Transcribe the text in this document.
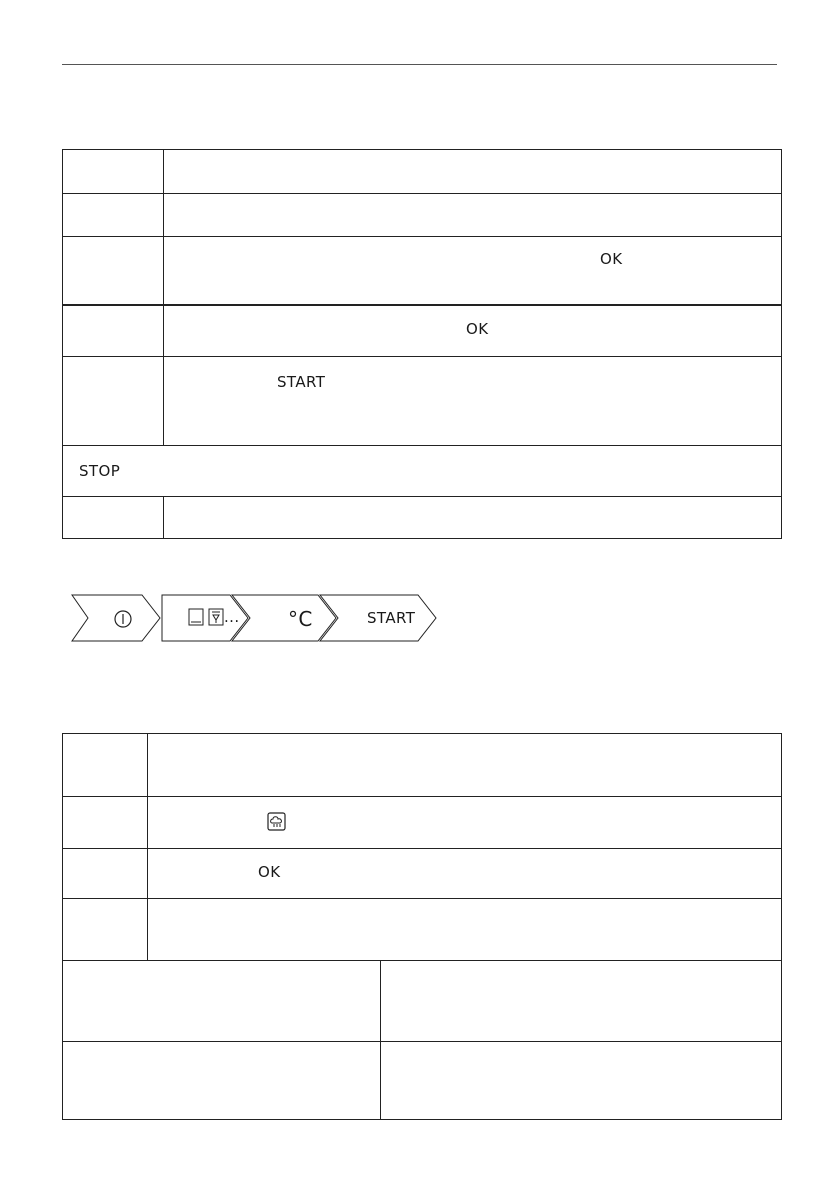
OK
OK
START
STOP
... °C	START
OK
